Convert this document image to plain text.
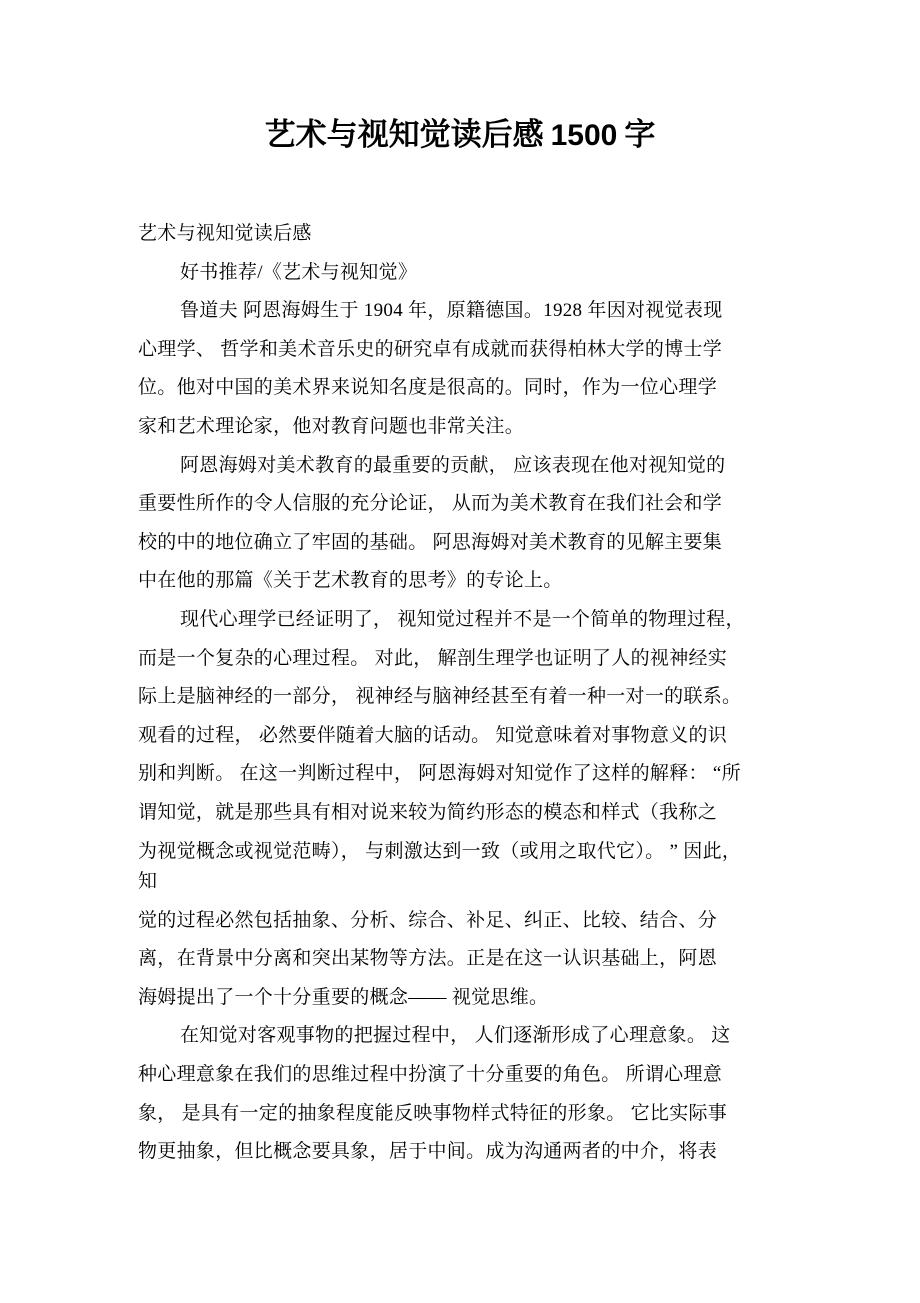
艺术与视知觉读后感 1500 字
艺术与视知觉读后感
好书推荐/《艺术与视知觉》
鲁道夫 阿恩海姆生于 1904 年，原籍德国。1928 年因对视觉表现
心理学、 哲学和美术音乐史的研究卓有成就而获得柏林大学的博士学
位。他对中国的美术界来说知名度是很高的。同时，作为一位心理学
家和艺术理论家，他对教育问题也非常关注。
阿恩海姆对美术教育的最重要的贡献， 应该表现在他对视知觉的
重要性所作的令人信服的充分论证， 从而为美术教育在我们社会和学
校的中的地位确立了牢固的基础。 阿思海姆对美术教育的见解主要集
中在他的那篇《关于艺术教育的思考》的专论上。
现代心理学已经证明了， 视知觉过程并不是一个简单的物理过程，
而是一个复杂的心理过程。 对此， 解剖生理学也证明了人的视神经实
际上是脑神经的一部分， 视神经与脑神经甚至有着一种一对一的联系。
观看的过程， 必然要伴随着大脑的话动。 知觉意味着对事物意义的识
别和判断。 在这一判断过程中， 阿恩海姆对知觉作了这样的解释： “所
谓知觉，就是那些具有相对说来较为简约形态的模态和样式（我称之
为视觉概念或视觉范畴）， 与刺激达到一致（或用之取代它）。 ” 因此，
知
觉的过程必然包括抽象、分析、综合、补足、纠正、比较、结合、分
离，在背景中分离和突出某物等方法。正是在这一认识基础上，阿恩
海姆提出了一个十分重要的概念—— 视觉思维。
在知觉对客观事物的把握过程中， 人们逐渐形成了心理意象。 这
种心理意象在我们的思维过程中扮演了十分重要的角色。 所谓心理意
象， 是具有一定的抽象程度能反映事物样式特征的形象。 它比实际事
物更抽象，但比概念要具象，居于中间。成为沟通两者的中介，将表
